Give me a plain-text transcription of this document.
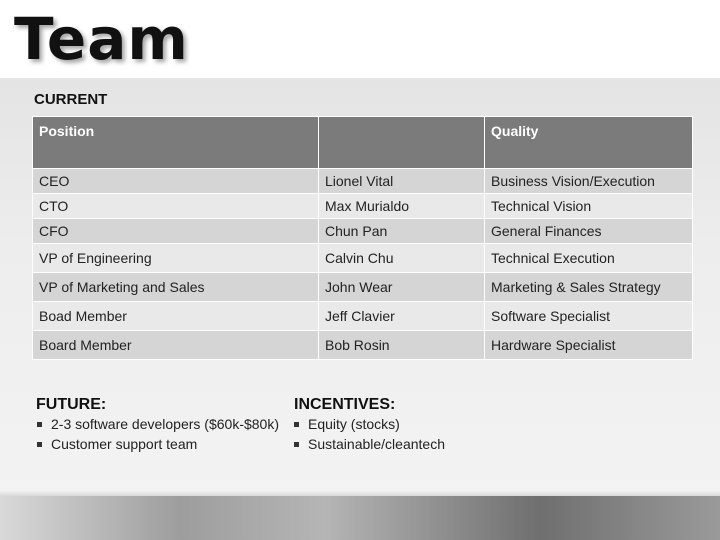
Team
CURRENT
Position		Quality
CEO	Lionel Vital	Business Vision/Execution
CTO	Max Murialdo	Technical Vision
CFO	Chun Pan	General Finances
VP of Engineering	Calvin Chu	Technical Execution
VP of Marketing and Sales	John Wear	Marketing & Sales Strategy
Boad Member	Jeff Clavier	Software Specialist
Board Member	Bob Rosin	Hardware Specialist
FUTURE:
2-3 software developers ($60k-$80k)
Customer support team
INCENTIVES:
Equity (stocks)
Sustainable/cleantech
